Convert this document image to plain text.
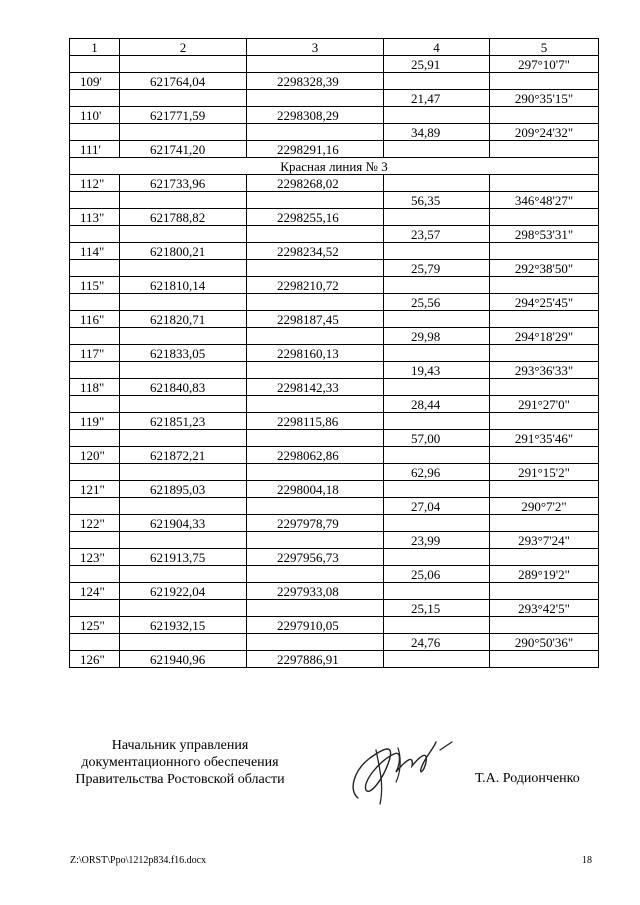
1	2	3	4	5
			25,91	297°10'7"
109'	621764,04	2298328,39		
			21,47	290°35'15"
110'	621771,59	2298308,29		
			34,89	209°24'32"
111'	621741,20	2298291,16		
Красная линия № 3				
112"	621733,96	2298268,02		
			56,35	346°48'27"
113"	621788,82	2298255,16		
			23,57	298°53'31"
114"	621800,21	2298234,52		
			25,79	292°38'50"
115"	621810,14	2298210,72		
			25,56	294°25'45"
116"	621820,71	2298187,45		
			29,98	294°18'29"
117"	621833,05	2298160,13		
			19,43	293°36'33"
118"	621840,83	2298142,33		
			28,44	291°27'0"
119"	621851,23	2298115,86		
			57,00	291°35'46"
120"	621872,21	2298062,86		
			62,96	291°15'2"
121"	621895,03	2298004,18		
			27,04	290°7'2"
122"	621904,33	2297978,79		
			23,99	293°7'24"
123"	621913,75	2297956,73		
			25,06	289°19'2"
124"	621922,04	2297933,08		
			25,15	293°42'5"
125"	621932,15	2297910,05		
			24,76	290°50'36"
126"	621940,96	2297886,91		
Начальник управления
документационного обеспечения
Правительства Ростовской области	Т.А. Родионченко
Z:\ORST\Ppo\1212p834.f16.docx	18
